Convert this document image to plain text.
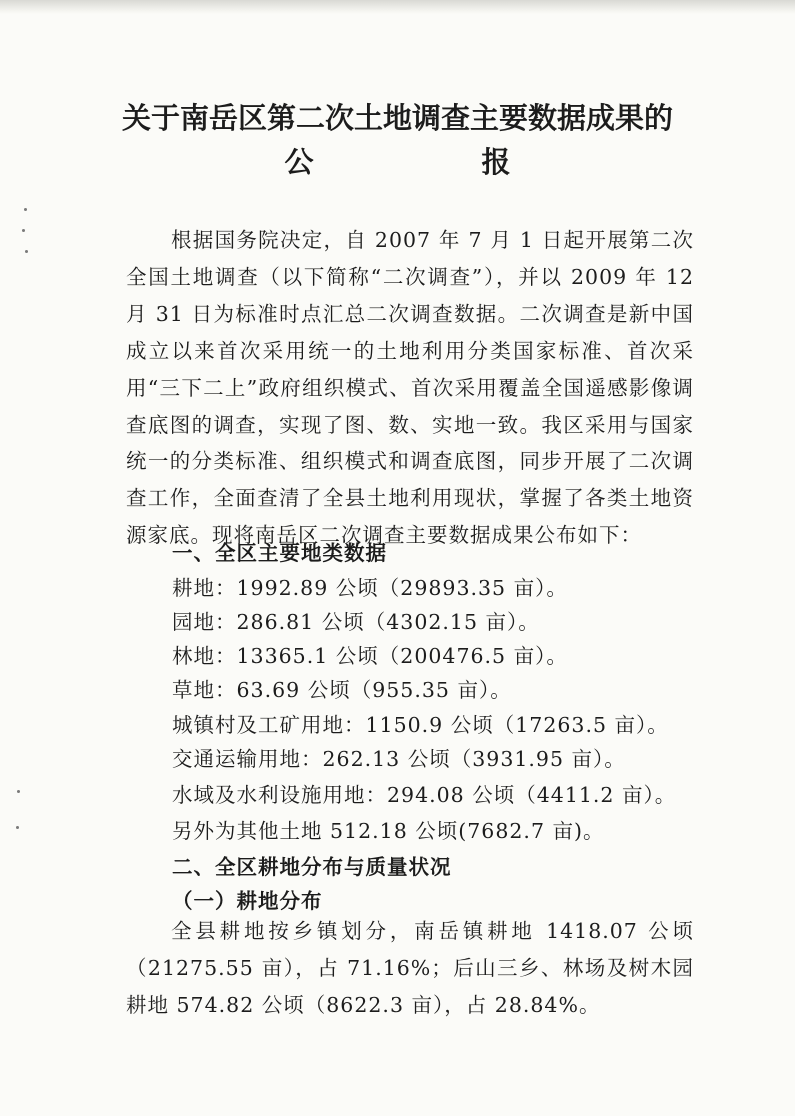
关于南岳区第二次土地调查主要数据成果的
公	报

根据国务院决定，自 2007 年 7 月 1 日起开展第二次全国土地调查（以下简称“二次调查”），并以 2009 年 12 月 31 日为标准时点汇总二次调查数据。二次调查是新中国成立以来首次采用统一的土地利用分类国家标准、首次采用“三下二上”政府组织模式、首次采用覆盖全国遥感影像调查底图的调查，实现了图、数、实地一致。我区采用与国家统一的分类标准、组织模式和调查底图，同步开展了二次调查工作，全面查清了全县土地利用现状，掌握了各类土地资源家底。现将南岳区二次调查主要数据成果公布如下：

一、全区主要地类数据

耕地：1992.89 公顷（29893.35 亩）。

园地：286.81 公顷（4302.15 亩）。

林地：13365.1 公顷（200476.5 亩）。

草地：63.69 公顷（955.35 亩）。

城镇村及工矿用地：1150.9 公顷（17263.5 亩）。

交通运输用地：262.13 公顷（3931.95 亩）。

水域及水利设施用地：294.08 公顷（4411.2 亩）。

另外为其他土地 512.18 公顷(7682.7 亩)。

二、全区耕地分布与质量状况

（一）耕地分布

全县耕地按乡镇划分，南岳镇耕地 1418.07 公顷（21275.55 亩），占 71.16%；后山三乡、林场及树木园耕地 574.82 公顷（8622.3 亩），占 28.84%。
